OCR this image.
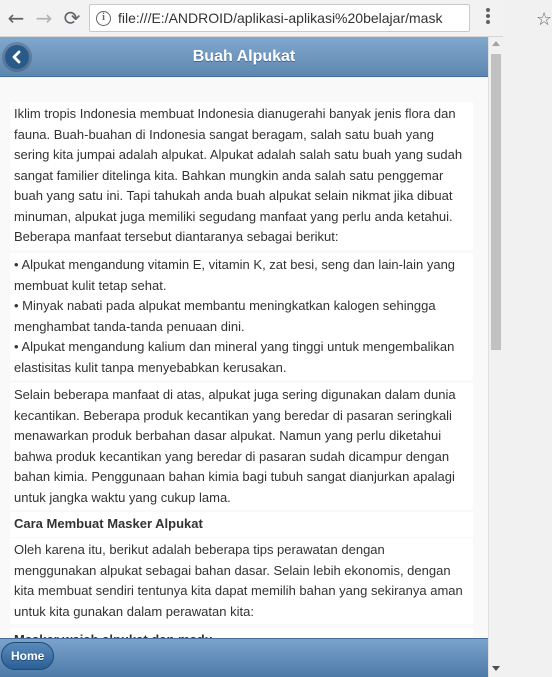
← → ⟳	i file:///E:/ANDROID/aplikasi-aplikasi%20belajar/mask	☆
Buah Alpukat
Iklim tropis Indonesia membuat Indonesia dianugerahi banyak jenis flora dan fauna. Buah-buahan di Indonesia sangat beragam, salah satu buah yang sering kita jumpai adalah alpukat. Alpukat adalah salah satu buah yang sudah sangat familier ditelinga kita. Bahkan mungkin anda salah satu penggemar buah yang satu ini. Tapi tahukah anda buah alpukat selain nikmat jika dibuat minuman, alpukat juga memiliki segudang manfaat yang perlu anda ketahui. Beberapa manfaat tersebut diantaranya sebagai berikut:
• Alpukat mengandung vitamin E, vitamin K, zat besi, seng dan lain-lain yang membuat kulit tetap sehat.
• Minyak nabati pada alpukat membantu meningkatkan kalogen sehingga menghambat tanda-tanda penuaan dini.
• Alpukat mengandung kalium dan mineral yang tinggi untuk mengembalikan elastisitas kulit tanpa menyebabkan kerusakan.
Selain beberapa manfaat di atas, alpukat juga sering digunakan dalam dunia kecantikan. Beberapa produk kecantikan yang beredar di pasaran seringkali menawarkan produk berbahan dasar alpukat. Namun yang perlu diketahui bahwa produk kecantikan yang beredar di pasaran sudah dicampur dengan bahan kimia. Penggunaan bahan kimia bagi tubuh sangat dianjurkan apalagi untuk jangka waktu yang cukup lama.
Cara Membuat Masker Alpukat
Oleh karena itu, berikut adalah beberapa tips perawatan dengan menggunakan alpukat sebagai bahan dasar. Selain lebih ekonomis, dengan kita membuat sendiri tentunya kita dapat memilih bahan yang sekiranya aman untuk kita gunakan dalam perawatan kita:
Home
